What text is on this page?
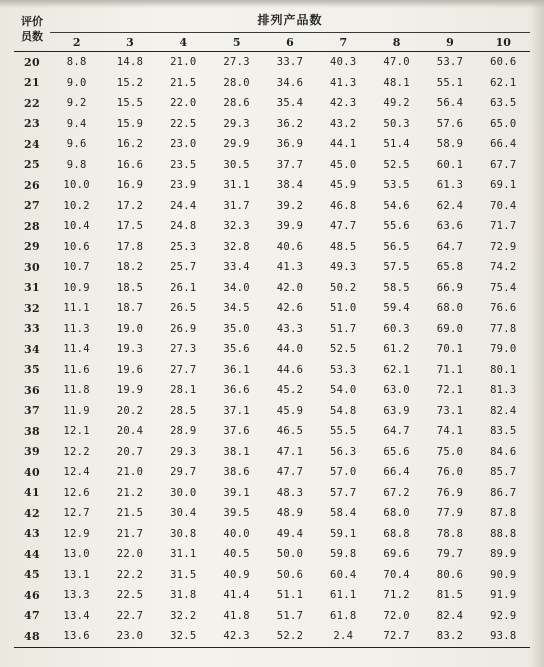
评价
员数	排列产品数								
	2	3	4	5	6	7	8	9	10
20	8.8	14.8	21.0	27.3	33.7	40.3	47.0	53.7	60.6
21	9.0	15.2	21.5	28.0	34.6	41.3	48.1	55.1	62.1
22	9.2	15.5	22.0	28.6	35.4	42.3	49.2	56.4	63.5
23	9.4	15.9	22.5	29.3	36.2	43.2	50.3	57.6	65.0
24	9.6	16.2	23.0	29.9	36.9	44.1	51.4	58.9	66.4
25	9.8	16.6	23.5	30.5	37.7	45.0	52.5	60.1	67.7
26	10.0	16.9	23.9	31.1	38.4	45.9	53.5	61.3	69.1
27	10.2	17.2	24.4	31.7	39.2	46.8	54.6	62.4	70.4
28	10.4	17.5	24.8	32.3	39.9	47.7	55.6	63.6	71.7
29	10.6	17.8	25.3	32.8	40.6	48.5	56.5	64.7	72.9
30	10.7	18.2	25.7	33.4	41.3	49.3	57.5	65.8	74.2
31	10.9	18.5	26.1	34.0	42.0	50.2	58.5	66.9	75.4
32	11.1	18.7	26.5	34.5	42.6	51.0	59.4	68.0	76.6
33	11.3	19.0	26.9	35.0	43.3	51.7	60.3	69.0	77.8
34	11.4	19.3	27.3	35.6	44.0	52.5	61.2	70.1	79.0
35	11.6	19.6	27.7	36.1	44.6	53.3	62.1	71.1	80.1
36	11.8	19.9	28.1	36.6	45.2	54.0	63.0	72.1	81.3
37	11.9	20.2	28.5	37.1	45.9	54.8	63.9	73.1	82.4
38	12.1	20.4	28.9	37.6	46.5	55.5	64.7	74.1	83.5
39	12.2	20.7	29.3	38.1	47.1	56.3	65.6	75.0	84.6
40	12.4	21.0	29.7	38.6	47.7	57.0	66.4	76.0	85.7
41	12.6	21.2	30.0	39.1	48.3	57.7	67.2	76.9	86.7
42	12.7	21.5	30.4	39.5	48.9	58.4	68.0	77.9	87.8
43	12.9	21.7	30.8	40.0	49.4	59.1	68.8	78.8	88.8
44	13.0	22.0	31.1	40.5	50.0	59.8	69.6	79.7	89.9
45	13.1	22.2	31.5	40.9	50.6	60.4	70.4	80.6	90.9
46	13.3	22.5	31.8	41.4	51.1	61.1	71.2	81.5	91.9
47	13.4	22.7	32.2	41.8	51.7	61.8	72.0	82.4	92.9
48	13.6	23.0	32.5	42.3	52.2	2.4	72.7	83.2	93.8
